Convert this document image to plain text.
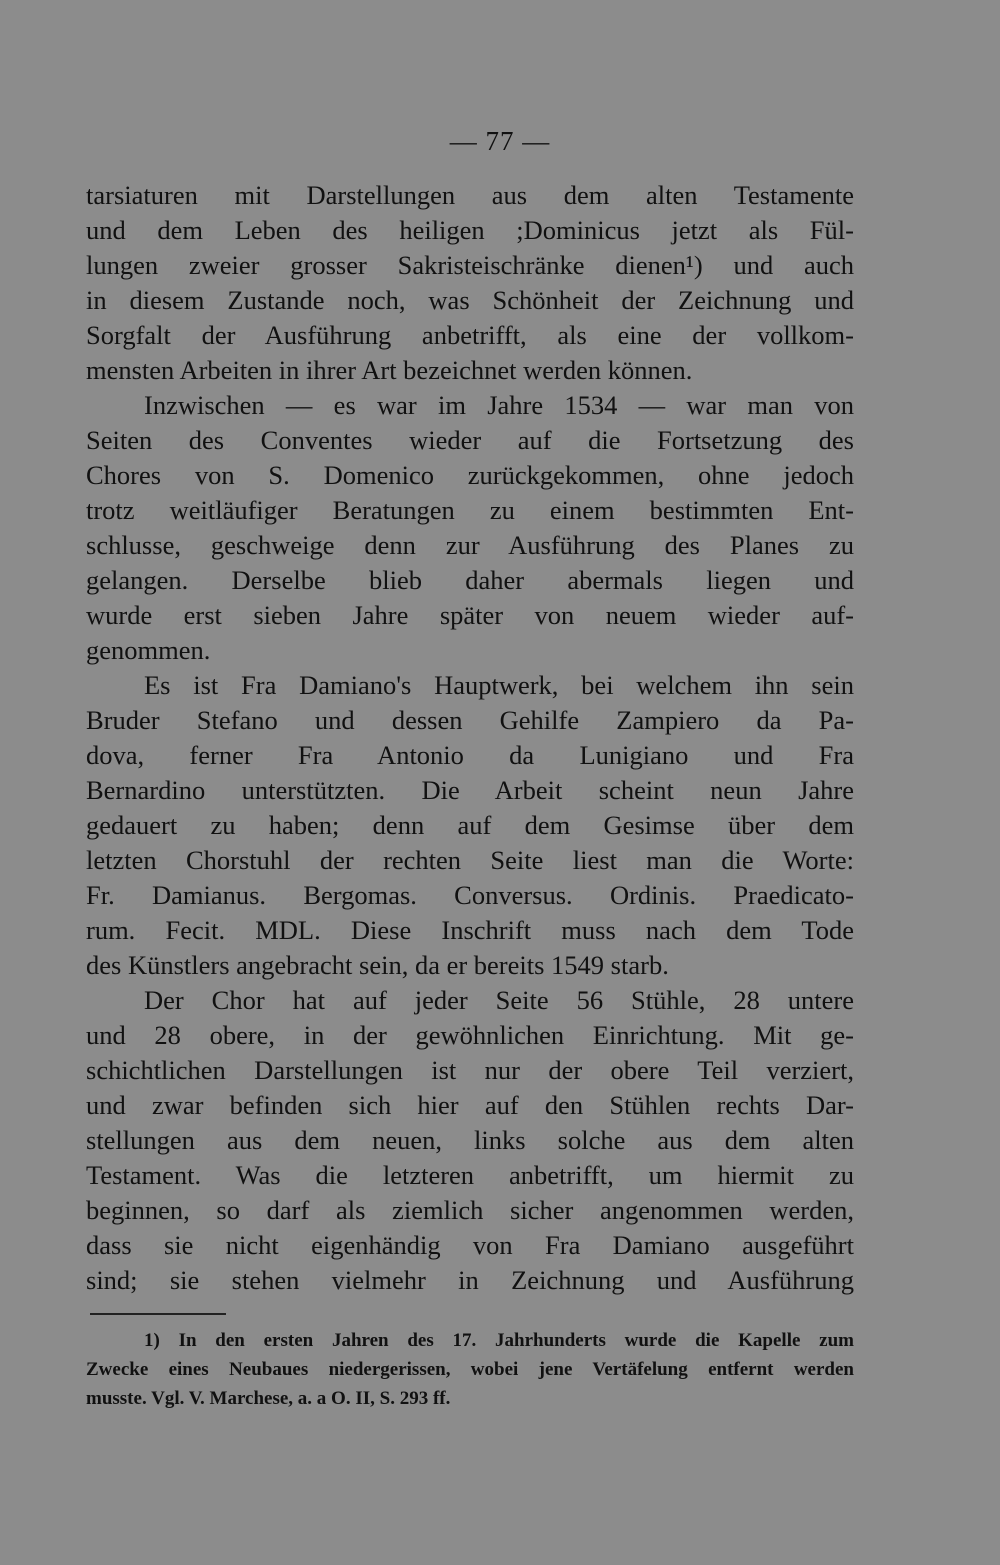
— 77 —
tarsiaturen mit Darstellungen aus dem alten Testamente
und dem Leben des heiligen ;Dominicus jetzt als Fül-
lungen zweier grosser Sakristeischränke dienen¹) und auch
in diesem Zustande noch, was Schönheit der Zeichnung und
Sorgfalt der Ausführung anbetrifft, als eine der vollkom-
mensten Arbeiten in ihrer Art bezeichnet werden können.
Inzwischen — es war im Jahre 1534 — war man von
Seiten des Conventes wieder auf die Fortsetzung des
Chores von S. Domenico zurückgekommen, ohne jedoch
trotz weitläufiger Beratungen zu einem bestimmten Ent-
schlusse, geschweige denn zur Ausführung des Planes zu
gelangen. Derselbe blieb daher abermals liegen und
wurde erst sieben Jahre später von neuem wieder auf-
genommen.
Es ist Fra Damiano's Hauptwerk, bei welchem ihn sein
Bruder Stefano und dessen Gehilfe Zampiero da Pa-
dova, ferner Fra Antonio da Lunigiano und Fra
Bernardino unterstützten. Die Arbeit scheint neun Jahre
gedauert zu haben; denn auf dem Gesimse über dem
letzten Chorstuhl der rechten Seite liest man die Worte:
Fr. Damianus. Bergomas. Conversus. Ordinis. Praedicato-
rum. Fecit. MDL. Diese Inschrift muss nach dem Tode
des Künstlers angebracht sein, da er bereits 1549 starb.
Der Chor hat auf jeder Seite 56 Stühle, 28 untere
und 28 obere, in der gewöhnlichen Einrichtung. Mit ge-
schichtlichen Darstellungen ist nur der obere Teil verziert,
und zwar befinden sich hier auf den Stühlen rechts Dar-
stellungen aus dem neuen, links solche aus dem alten
Testament. Was die letzteren anbetrifft, um hiermit zu
beginnen, so darf als ziemlich sicher angenommen werden,
dass sie nicht eigenhändig von Fra Damiano ausgeführt
sind; sie stehen vielmehr in Zeichnung und Ausführung
1) In den ersten Jahren des 17. Jahrhunderts wurde die Kapelle zum
Zwecke eines Neubaues niedergerissen, wobei jene Vertäfelung entfernt werden
musste. Vgl. V. Marchese, a. a O. II, S. 293 ff.
